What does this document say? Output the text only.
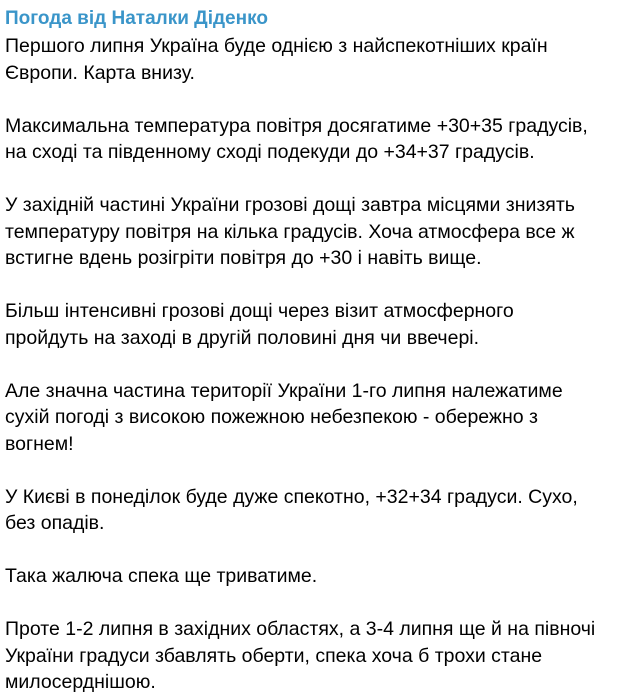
Погода від Наталки Діденко
Першого липня Україна буде однією з найспекотніших країн
Європи. Карта внизу.
Максимальна температура повітря досягатиме +30+35 градусів,
на сході та південному сході подекуди до +34+37 градусів.
У західній частині України грозові дощі завтра місцями знизять
температуру повітря на кілька градусів. Хоча атмосфера все ж
встигне вдень розігріти повітря до +30 і навіть вище.
Більш інтенсивні грозові дощі через візит атмосферного
пройдуть на заході в другій половині дня чи ввечері.
Але значна частина території України 1-го липня належатиме
сухій погоді з високою пожежною небезпекою - обережно з
вогнем!
У Києві в понеділок буде дуже спекотно, +32+34 градуси. Сухо,
без опадів.
Така жалюча спека ще триватиме.
Проте 1-2 липня в західних областях, а 3-4 липня ще й на півночі
України градуси збавлять оберти, спека хоча б трохи стане
милосерднішою.
